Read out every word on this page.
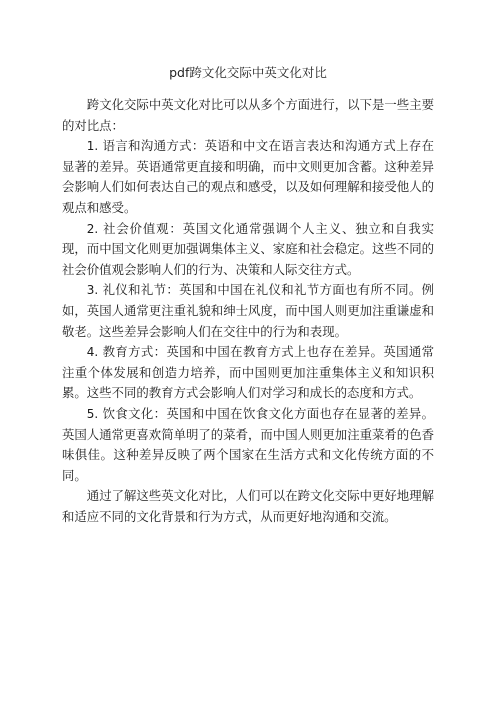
pdf跨文化交际中英文化对比

跨文化交际中英文化对比可以从多个方面进行，以下是一些主要的对比点：

1. 语言和沟通方式：英语和中文在语言表达和沟通方式上存在显著的差异。英语通常更直接和明确，而中文则更加含蓄。这种差异会影响人们如何表达自己的观点和感受，以及如何理解和接受他人的观点和感受。

2. 社会价值观：英国文化通常强调个人主义、独立和自我实现，而中国文化则更加强调集体主义、家庭和社会稳定。这些不同的社会价值观会影响人们的行为、决策和人际交往方式。

3. 礼仪和礼节：英国和中国在礼仪和礼节方面也有所不同。例如，英国人通常更注重礼貌和绅士风度，而中国人则更加注重谦虚和敬老。这些差异会影响人们在交往中的行为和表现。

4. 教育方式：英国和中国在教育方式上也存在差异。英国通常注重个体发展和创造力培养，而中国则更加注重集体主义和知识积累。这些不同的教育方式会影响人们对学习和成长的态度和方式。

5. 饮食文化：英国和中国在饮食文化方面也存在显著的差异。英国人通常更喜欢简单明了的菜肴，而中国人则更加注重菜肴的色香味俱佳。这种差异反映了两个国家在生活方式和文化传统方面的不同。

通过了解这些英文化对比，人们可以在跨文化交际中更好地理解和适应不同的文化背景和行为方式，从而更好地沟通和交流。
